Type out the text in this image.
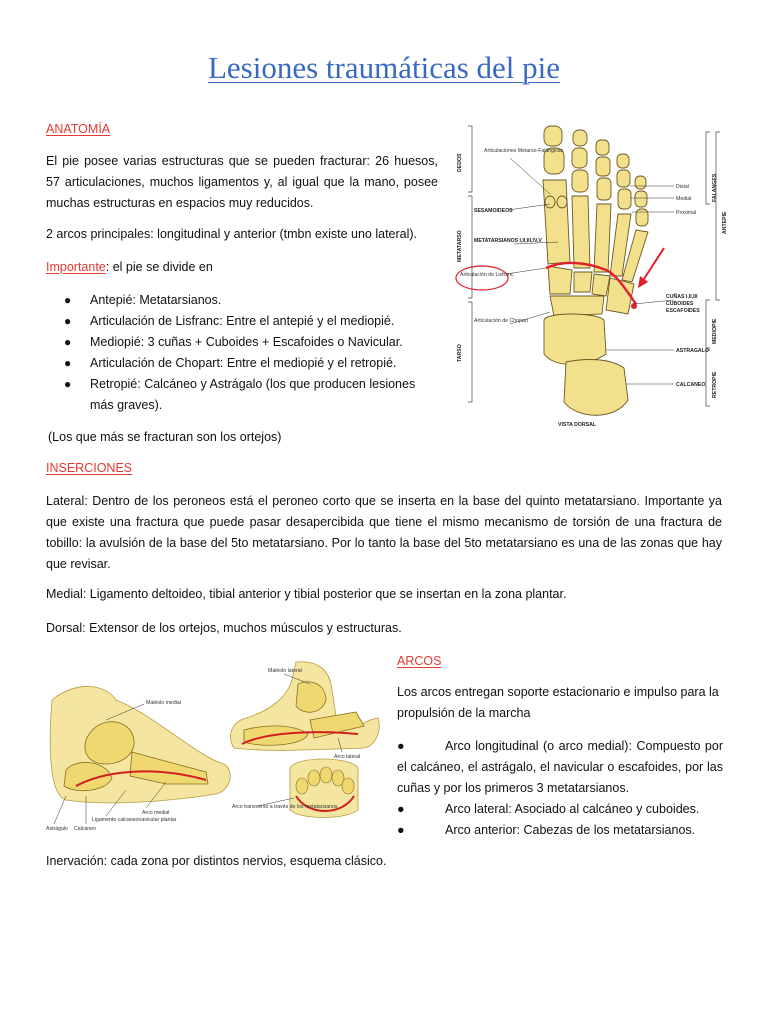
Lesiones traumáticas del pie
ANATOMÍA
El pie posee varias estructuras que se pueden fracturar: 26 huesos, 57 articulaciones, muchos ligamentos y, al igual que la mano, posee muchas estructuras en espacios muy reducidos.
2 arcos principales: longitudinal y anterior (tmbn existe uno lateral).
Importante: el pie se divide en
● Antepié: Metatarsianos.
● Articulación de Lisfranc: Entre el antepié y el mediopié.
● Mediopié: 3 cuñas + Cuboides + Escafoides o Navicular.
● Articulación de Chopart: Entre el mediopié y el retropié.
● Retropié: Calcáneo y Astrágalo (los que producen lesiones más graves).
(Los que más se fracturan son los ortejos)
DEDOS
METATARSO
TARSO
FALANGES
ANTEPIE
MEDIOPIE
RETROPIE
Articulaciones Metarso-Falángicas
SESAMOIDEOS
METATARSIANOS I,II,III,IV,V
Articulación de Lisfranc
Articulación de Chopart
Distal
Medial
Proximal
CUÑAS I,II,III
CUBOIDES
ESCAFOIDES
ASTRAGALO
CALCANEO
VISTA DORSAL
INSERCIONES
Lateral: Dentro de los peroneos está el peroneo corto que se inserta en la base del quinto metatarsiano. Importante ya que existe una fractura que puede pasar desapercibida que tiene el mismo mecanismo de torsión de una fractura de tobillo: la avulsión de la base del 5to metatarsiano. Por lo tanto la base del 5to metatarsiano es una de las zonas que hay que revisar.
Medial: Ligamento deltoideo, tibial anterior y tibial posterior que se insertan en la zona plantar.
Dorsal: Extensor de los ortejos, muchos músculos y estructuras.
Maléolo medial
Arco medial
Ligamento calcaneonavicular plantar
Astrágalo Calcáneo
Maléolo lateral
Arco lateral
Arco transverso a través de los metatarsianos
ARCOS
Los arcos entregan soporte estacionario e impulso para la propulsión de la marcha
●	Arco longitudinal (o arco medial): Compuesto por el calcáneo, el astrágalo, el navicular o escafoides, por las cuñas y por los primeros 3 metatarsianos.
●	Arco lateral: Asociado al calcáneo y cuboides.
●	Arco anterior: Cabezas de los metatarsianos.
Inervación: cada zona por distintos nervios, esquema clásico.
